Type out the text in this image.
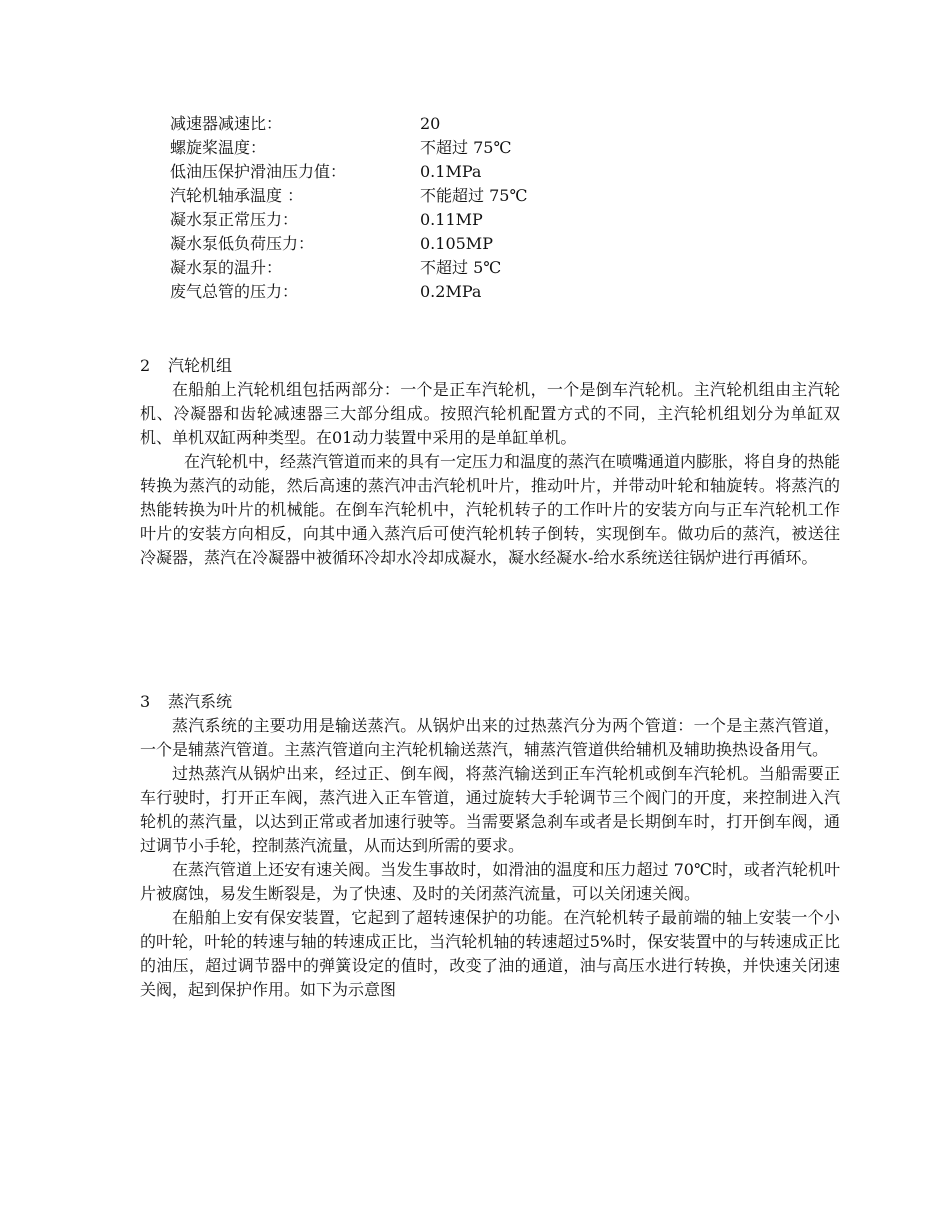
减速器减速比：	20
螺旋桨温度：	不超过 75℃
低油压保护滑油压力值：	0.1MPa
汽轮机轴承温度 ：	不能超过 75℃
凝水泵正常压力：	0.11MP
凝水泵低负荷压力：	0.105MP
凝水泵的温升：	不超过 5℃
废气总管的压力：	0.2MPa
2 汽轮机组

在船舶上汽轮机组包括两部分：一个是正车汽轮机，一个是倒车汽轮机。主汽轮机组由主汽轮机、冷凝器和齿轮减速器三大部分组成。按照汽轮机配置方式的不同，主汽轮机组划分为单缸双机、单机双缸两种类型。在01动力装置中采用的是单缸单机。

在汽轮机中，经蒸汽管道而来的具有一定压力和温度的蒸汽在喷嘴通道内膨胀，将自身的热能转换为蒸汽的动能，然后高速的蒸汽冲击汽轮机叶片，推动叶片，并带动叶轮和轴旋转。将蒸汽的热能转换为叶片的机械能。在倒车汽轮机中，汽轮机转子的工作叶片的安装方向与正车汽轮机工作叶片的安装方向相反，向其中通入蒸汽后可使汽轮机转子倒转，实现倒车。做功后的蒸汽，被送往冷凝器，蒸汽在冷凝器中被循环冷却水冷却成凝水，凝水经凝水-给水系统送往锅炉进行再循环。

3 蒸汽系统

蒸汽系统的主要功用是输送蒸汽。从锅炉出来的过热蒸汽分为两个管道：一个是主蒸汽管道，一个是辅蒸汽管道。主蒸汽管道向主汽轮机输送蒸汽，辅蒸汽管道供给辅机及辅助换热设备用气。

过热蒸汽从锅炉出来，经过正、倒车阀，将蒸汽输送到正车汽轮机或倒车汽轮机。当船需要正车行驶时，打开正车阀，蒸汽进入正车管道，通过旋转大手轮调节三个阀门的开度，来控制进入汽轮机的蒸汽量，以达到正常或者加速行驶等。当需要紧急刹车或者是长期倒车时，打开倒车阀，通过调节小手轮，控制蒸汽流量，从而达到所需的要求。

在蒸汽管道上还安有速关阀。当发生事故时，如滑油的温度和压力超过 70℃时，或者汽轮机叶片被腐蚀，易发生断裂是，为了快速、及时的关闭蒸汽流量，可以关闭速关阀。

在船舶上安有保安装置，它起到了超转速保护的功能。在汽轮机转子最前端的轴上安装一个小的叶轮，叶轮的转速与轴的转速成正比，当汽轮机轴的转速超过5%时，保安装置中的与转速成正比的油压，超过调节器中的弹簧设定的值时，改变了油的通道，油与高压水进行转换，并快速关闭速关阀，起到保护作用。如下为示意图
